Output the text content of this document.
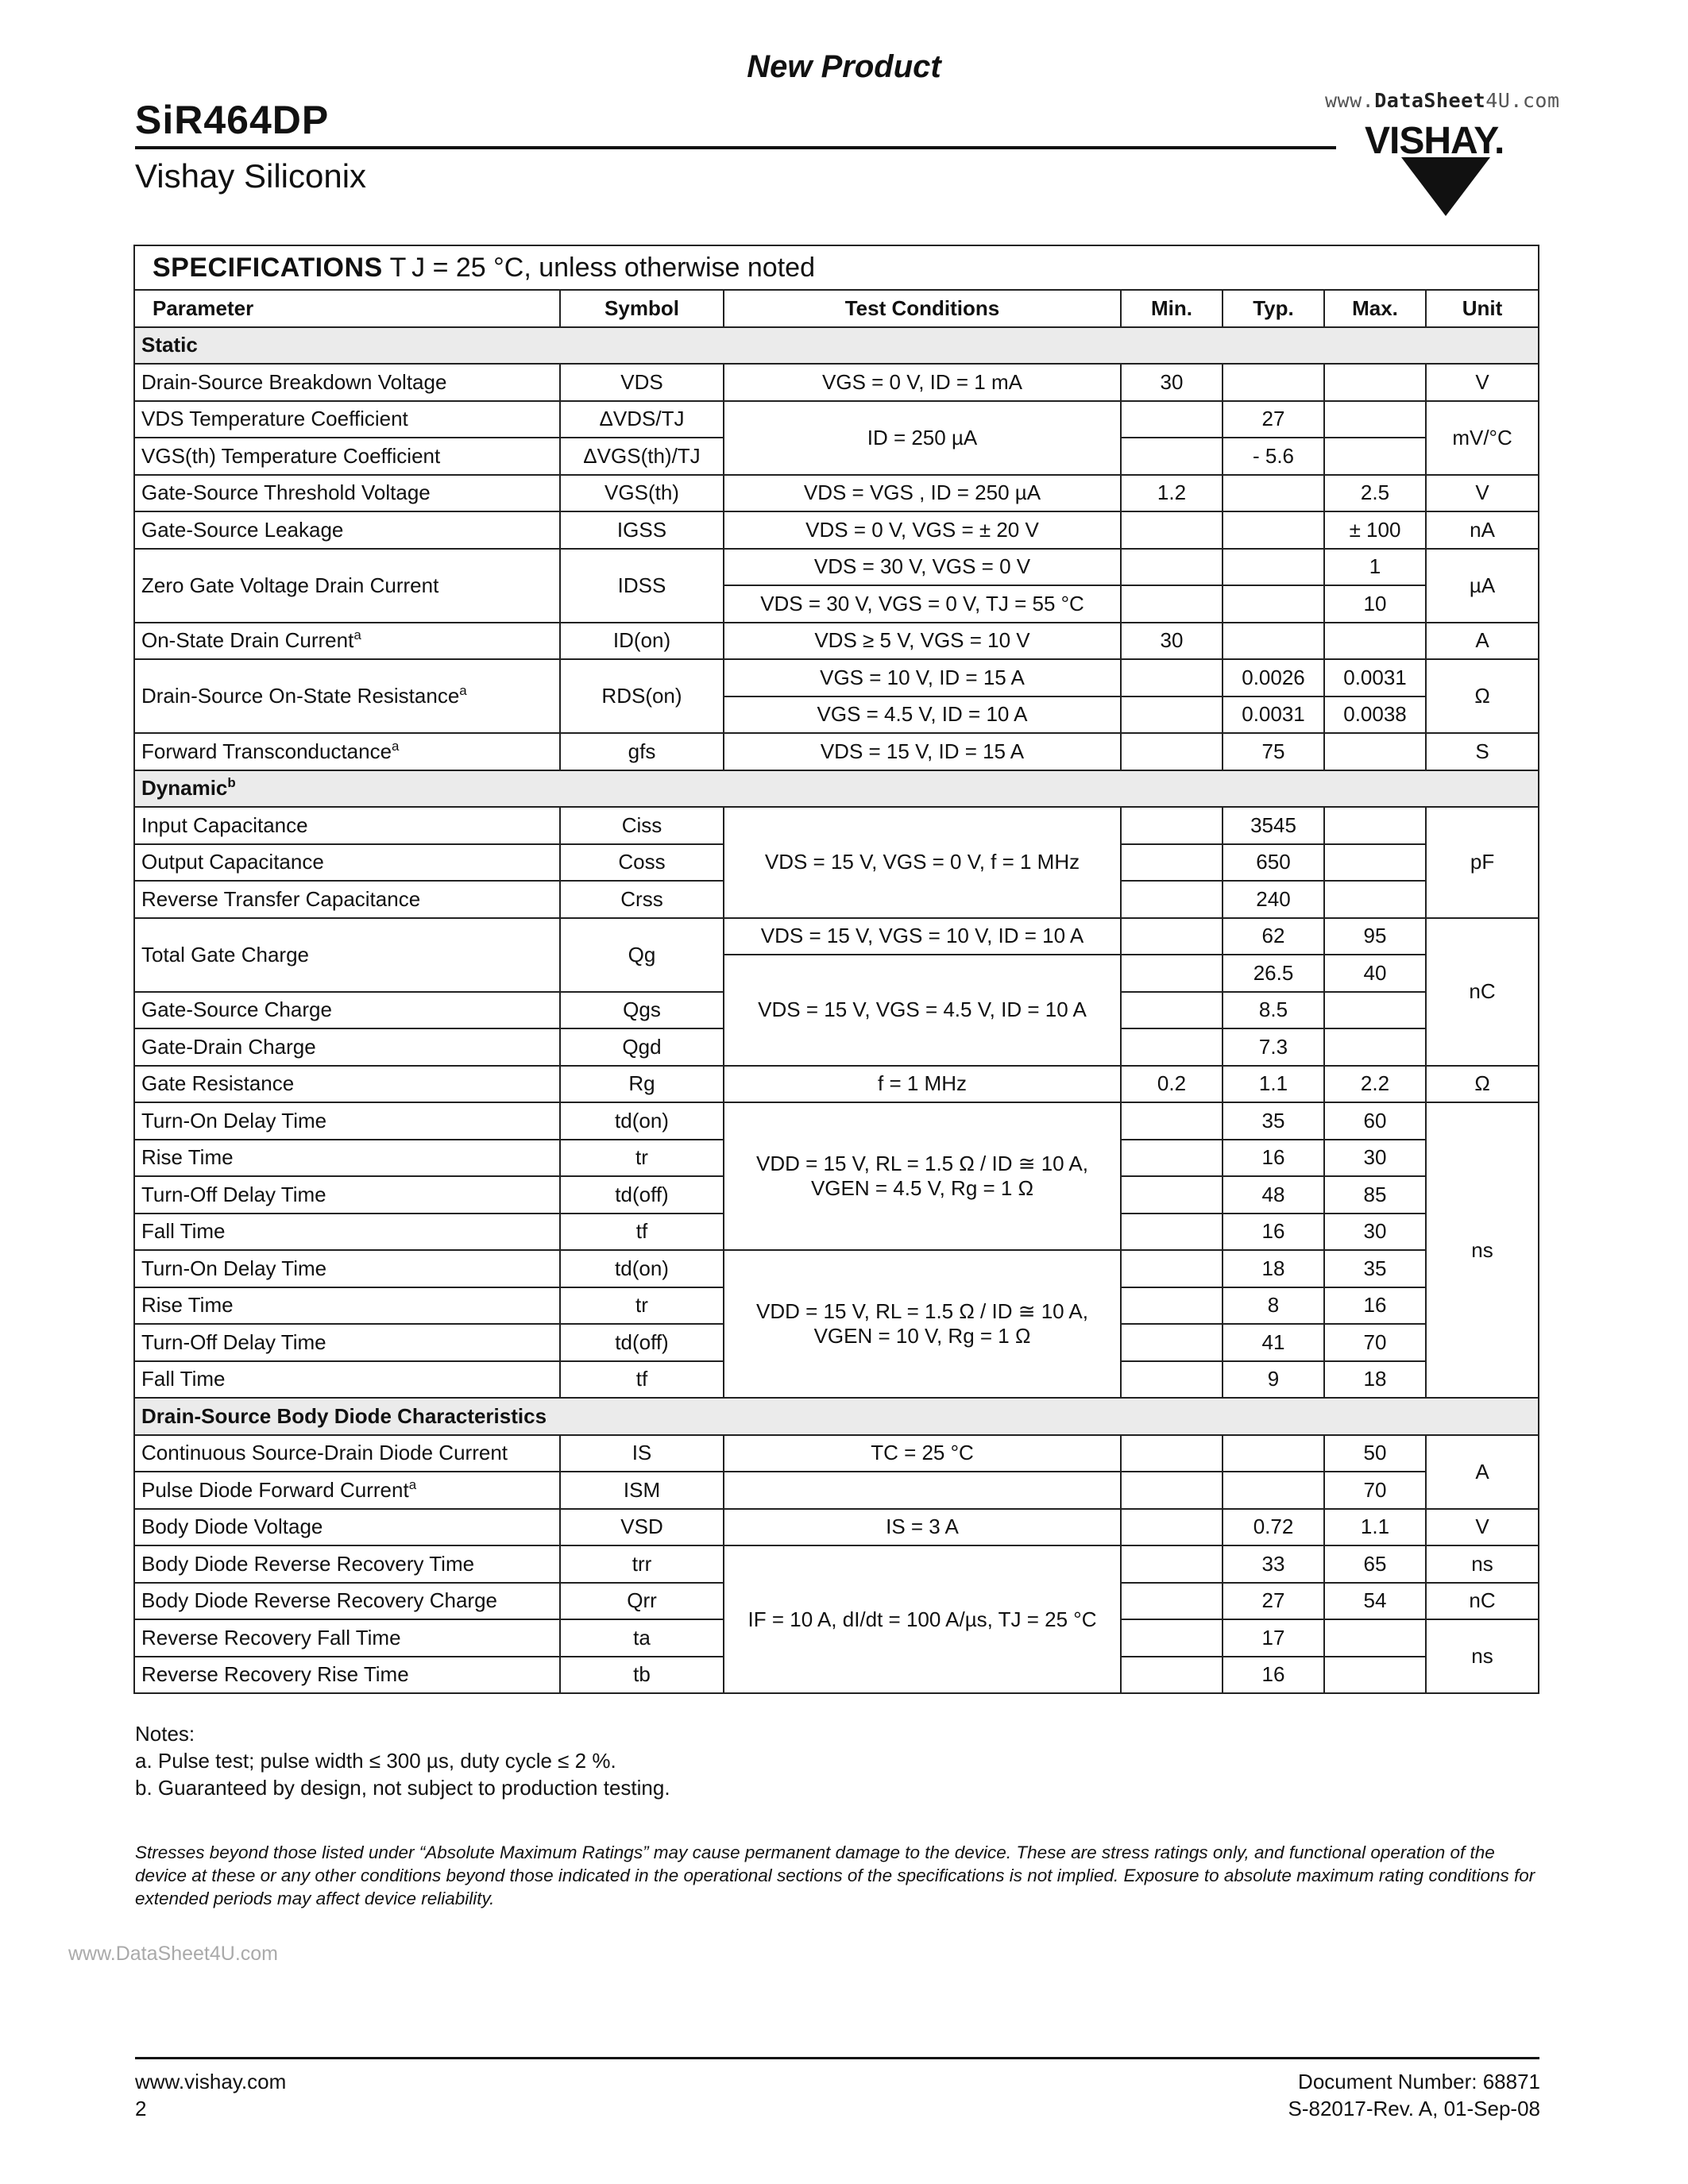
New Product
SiR464DP
Vishay Siliconix
www.DataSheet4U.com
VISHAY.
SPECIFICATIONS T J = 25 °C, unless otherwise noted						
Parameter	Symbol	Test Conditions	Min.	Typ.	Max.	Unit
Static						
Drain-Source Breakdown Voltage	VDS	VGS = 0 V, ID = 1 mA	30			V
VDS Temperature Coefficient	ΔVDS/TJ	ID = 250 µA		27		mV/°C
VGS(th) Temperature Coefficient	ΔVGS(th)/TJ			- 5.6		
Gate-Source Threshold Voltage	VGS(th)	VDS = VGS , ID = 250 µA	1.2		2.5	V
Gate-Source Leakage	IGSS	VDS = 0 V, VGS = ± 20 V			± 100	nA
Zero Gate Voltage Drain Current	IDSS	VDS = 30 V, VGS = 0 V			1	µA
		VDS = 30 V, VGS = 0 V, TJ = 55 °C			10	
On-State Drain Current$^a$	ID(on)	VDS ≥ 5 V, VGS = 10 V	30			A
Drain-Source On-State Resistance$^a$	RDS(on)	VGS = 10 V, ID = 15 A		0.0026	0.0031	Ω
		VGS = 4.5 V, ID = 10 A		0.0031	0.0038	
Forward Transconductance$^a$	gfs	VDS = 15 V, ID = 15 A		75		S
Dynamic$^b$
Input Capacitance	Ciss	VDS = 15 V, VGS = 0 V, f = 1 MHz		3545		pF
Output Capacitance	Coss			650		
Reverse Transfer Capacitance	Crss			240		
Total Gate Charge	Qg	VDS = 15 V, VGS = 10 V, ID = 10 A		62	95	nC
		VDS = 15 V, VGS = 4.5 V, ID = 10 A		26.5	40	
Gate-Source Charge	Qgs			8.5		
Gate-Drain Charge	Qgd			7.3		
Gate Resistance	Rg	f = 1 MHz	0.2	1.1	2.2	Ω
Turn-On Delay Time	td(on)	VDD = 15 V, RL = 1.5 Ω / ID ≅ 10 A, VGEN = 4.5 V, Rg = 1 Ω		35	60	ns
Rise Time	tr			16	30	
Turn-Off Delay Time	td(off)			48	85	
Fall Time	tf			16	30	
Turn-On Delay Time	td(on)	VDD = 15 V, RL = 1.5 Ω / ID ≅ 10 A, VGEN = 10 V, Rg = 1 Ω		18	35	
Rise Time	tr			8	16	
Turn-Off Delay Time	td(off)			41	70	
Fall Time	tf			9	18	
Drain-Source Body Diode Characteristics						
Continuous Source-Drain Diode Current	IS	TC = 25 °C			50	A
Pulse Diode Forward Current$^a$	ISM				70	
Body Diode Voltage	VSD	IS = 3 A		0.72	1.1	V
Body Diode Reverse Recovery Time	trr	IF = 10 A, dI/dt = 100 A/µs, TJ = 25 °C		33	65	ns
Body Diode Reverse Recovery Charge	Qrr			27	54	nC
Reverse Recovery Fall Time	ta			17		ns
Reverse Recovery Rise Time	tb			16		
Notes:
a. Pulse test; pulse width ≤ 300 µs, duty cycle ≤ 2 %.
b. Guaranteed by design, not subject to production testing.
Stresses beyond those listed under “Absolute Maximum Ratings” may cause permanent damage to the device. These are stress ratings only, and functional operation of the device at these or any other conditions beyond those indicated in the operational sections of the specifications is not implied. Exposure to absolute maximum rating conditions for extended periods may affect device reliability.
www.DataSheet4U.com
www.vishay.com
2
Document Number: 68871
S-82017-Rev. A, 01-Sep-08
